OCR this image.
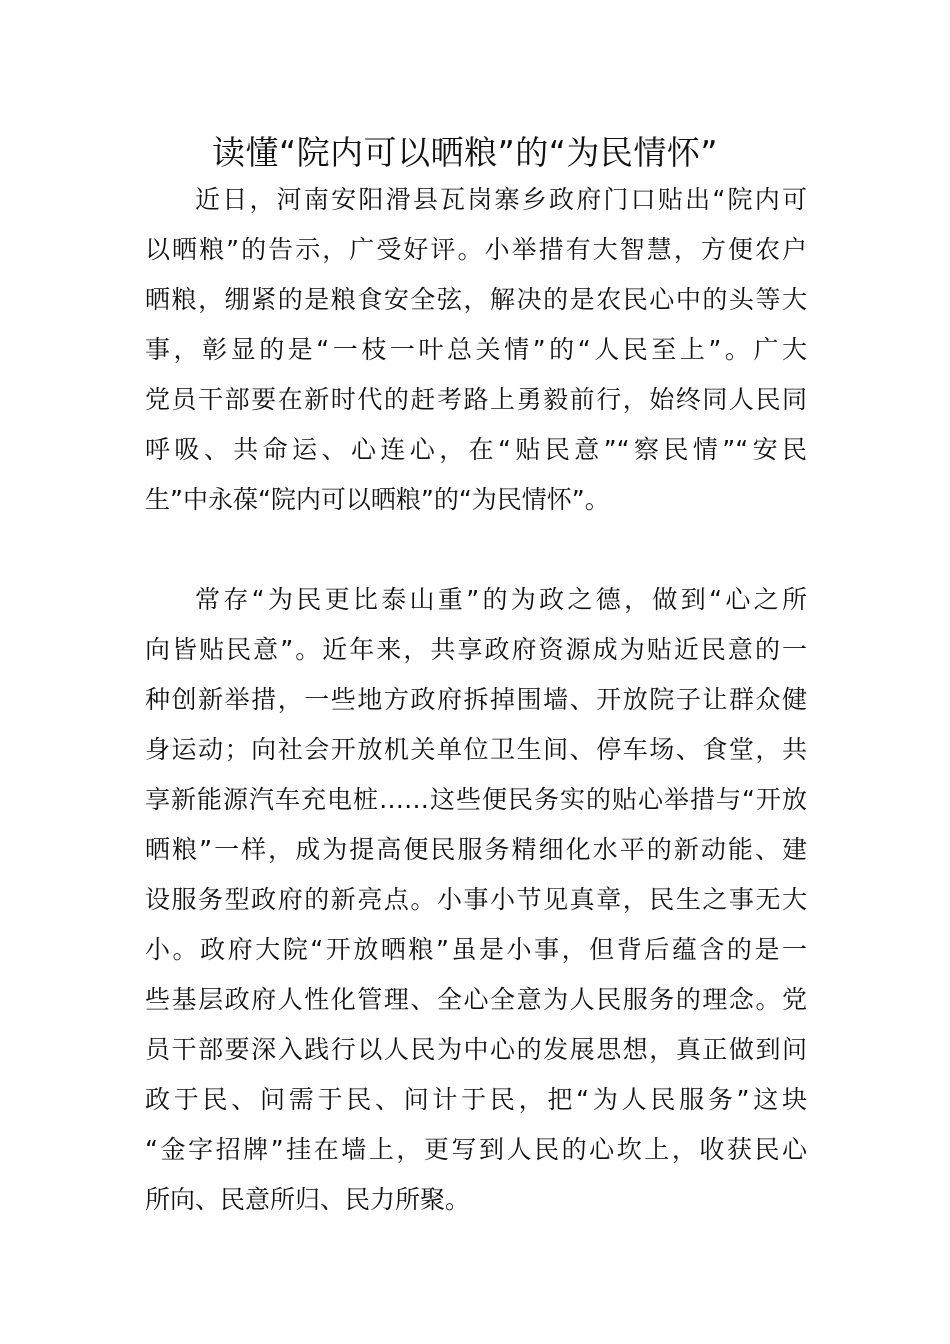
读懂“院内可以晒粮”的“为民情怀”
近日，河南安阳滑县瓦岗寨乡政府门口贴出“院内可
以晒粮”的告示，广受好评。小举措有大智慧，方便农户
晒粮，绷紧的是粮食安全弦，解决的是农民心中的头等大
事，彰显的是“一枝一叶总关情”的“人民至上”。广大
党员干部要在新时代的赶考路上勇毅前行，始终同人民同
呼吸、共命运、心连心，在“贴民意”“察民情”“安民
生”中永葆“院内可以晒粮”的“为民情怀”。
常存“为民更比泰山重”的为政之德，做到“心之所
向皆贴民意”。近年来，共享政府资源成为贴近民意的一
种创新举措，一些地方政府拆掉围墙、开放院子让群众健
身运动；向社会开放机关单位卫生间、停车场、食堂，共
享新能源汽车充电桩……这些便民务实的贴心举措与“开放
晒粮”一样，成为提高便民服务精细化水平的新动能、建
设服务型政府的新亮点。小事小节见真章，民生之事无大
小。政府大院“开放晒粮”虽是小事，但背后蕴含的是一
些基层政府人性化管理、全心全意为人民服务的理念。党
员干部要深入践行以人民为中心的发展思想，真正做到问
政于民、问需于民、问计于民，把“为人民服务”这块
“金字招牌”挂在墙上，更写到人民的心坎上，收获民心
所向、民意所归、民力所聚。
